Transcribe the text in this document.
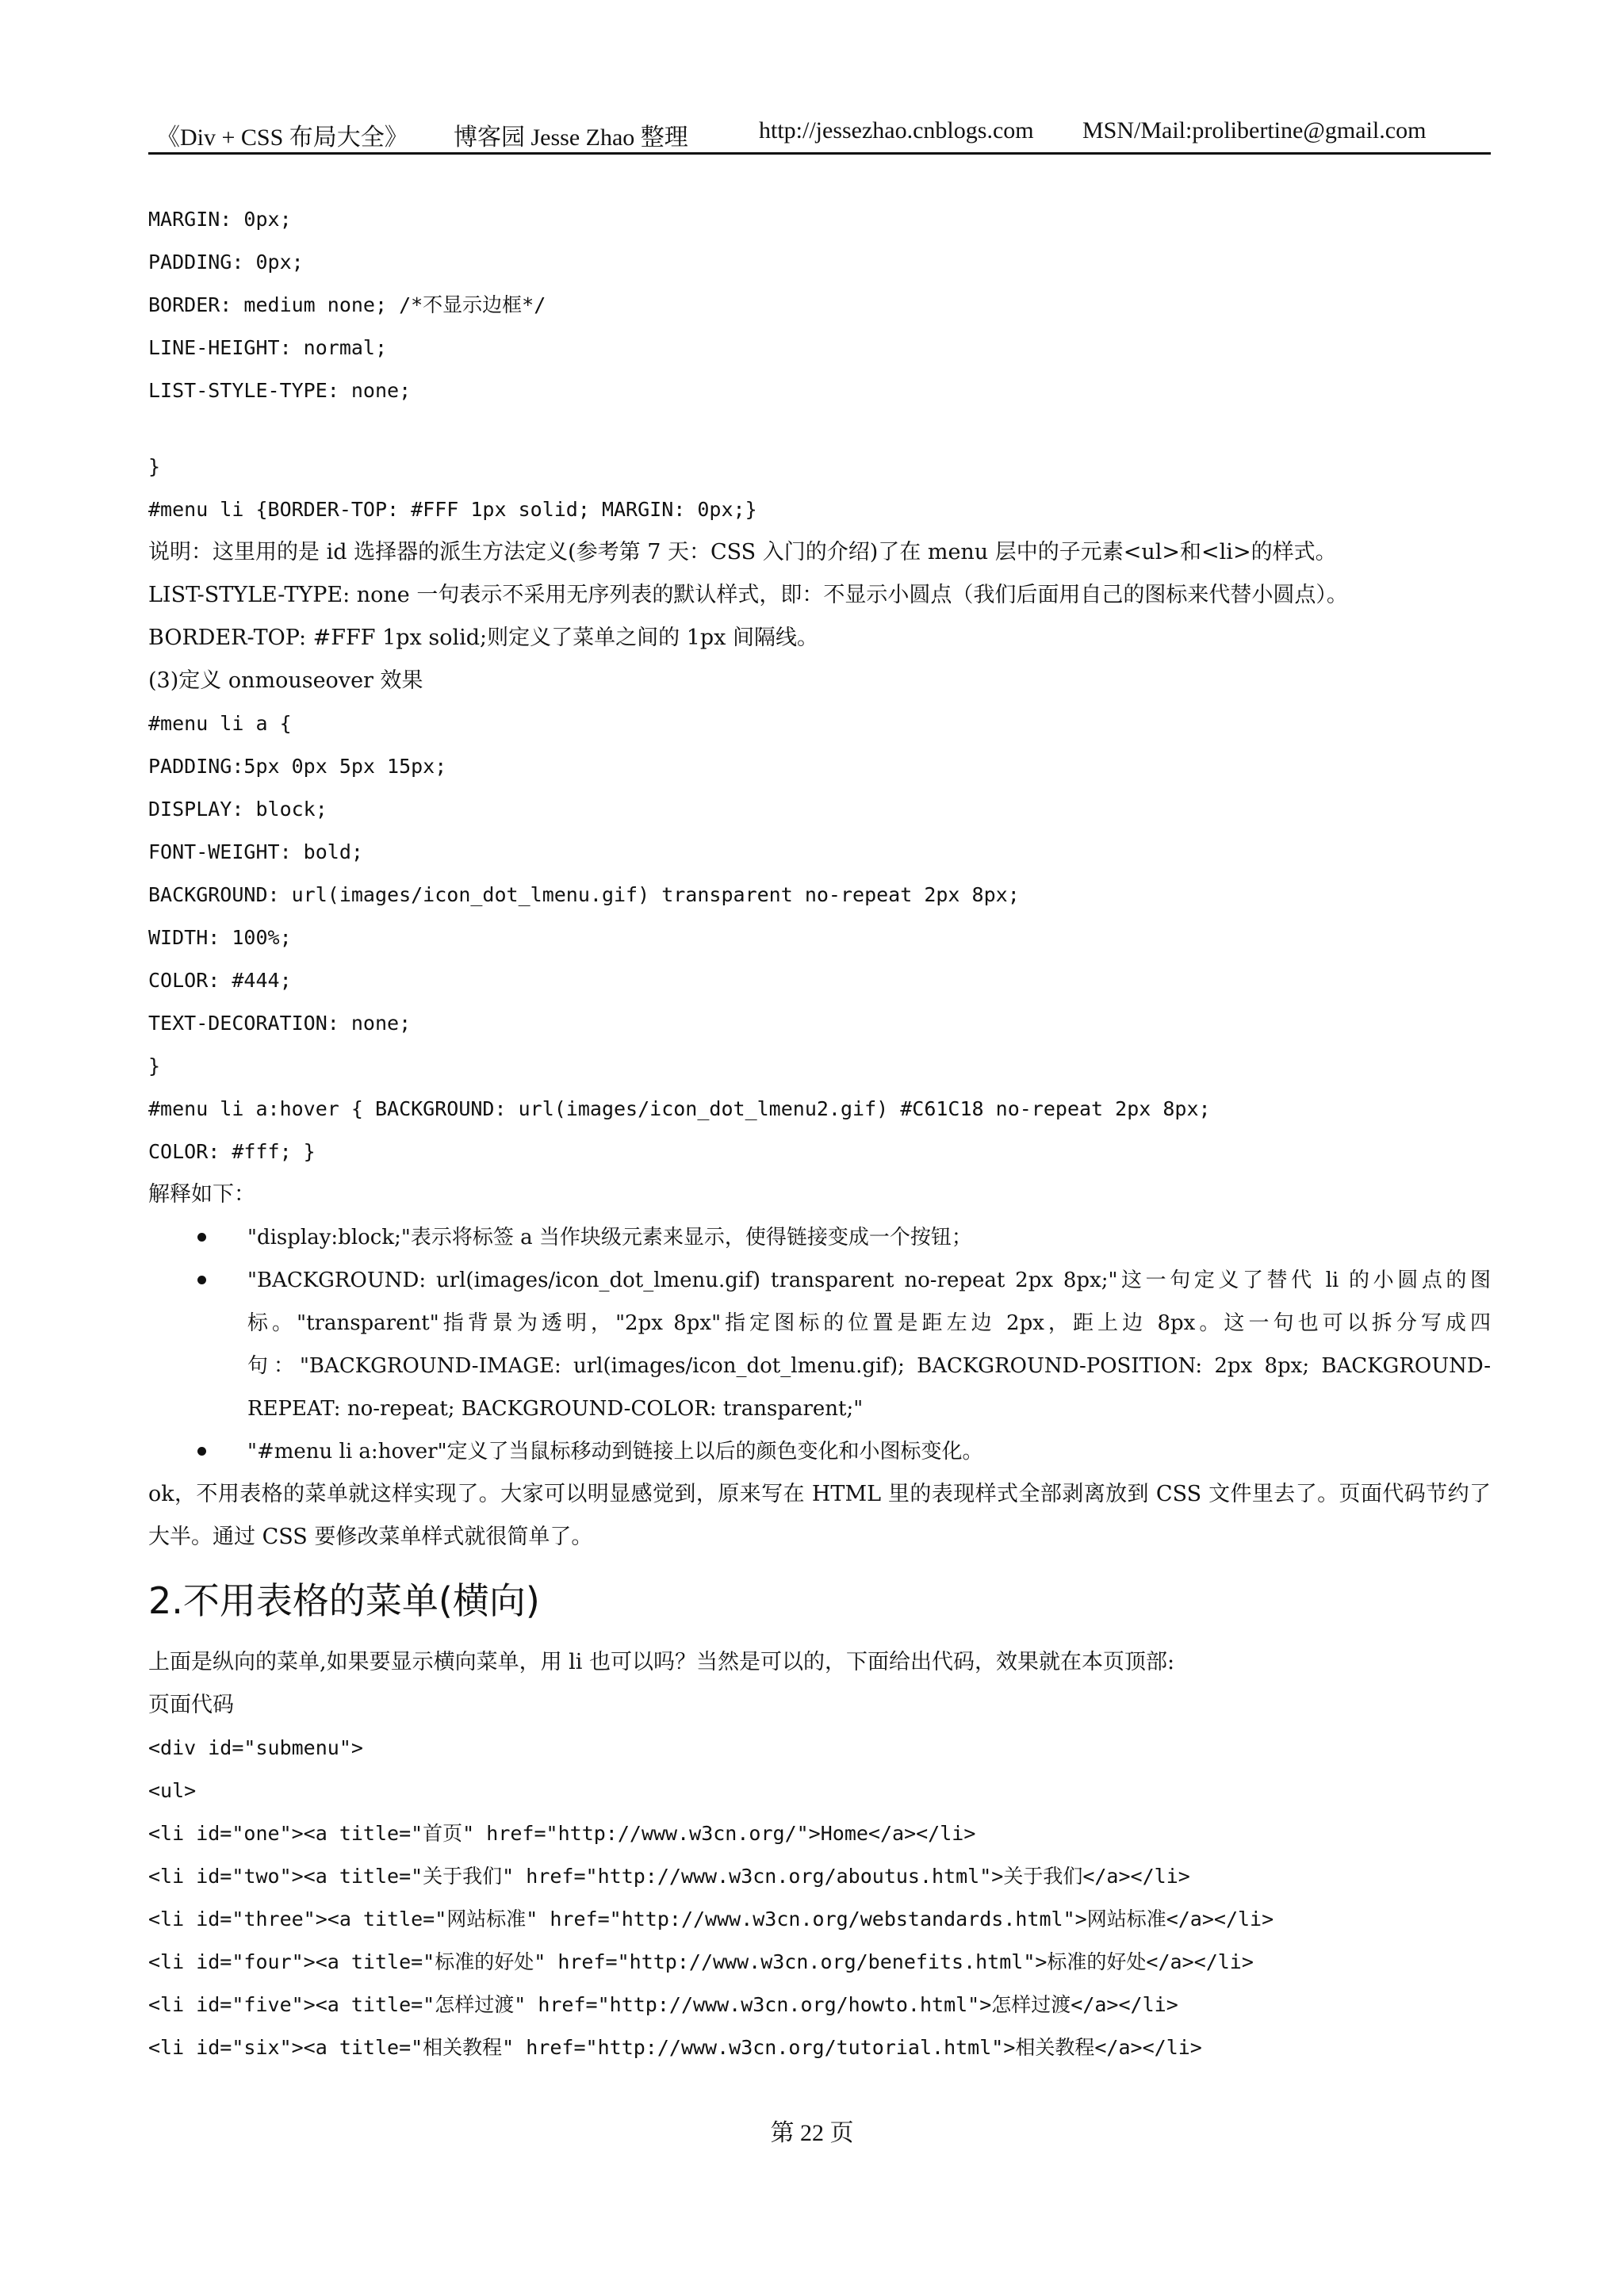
《Div + CSS 布局大全》 博客园 Jesse Zhao 整理	http://jessezhao.cnblogs.com MSN/Mail:prolibertine@gmail.com
MARGIN: 0px;
PADDING: 0px;
BORDER: medium none; /*不显示边框*/
LINE-HEIGHT: normal;
LIST-STYLE-TYPE: none;
}
#menu li {BORDER-TOP: #FFF 1px solid; MARGIN: 0px;}
说明：这里用的是 id 选择器的派生方法定义(参考第 7 天：CSS 入门的介绍)了在 menu 层中的子元素<ul>和<li>的样式。
LIST-STYLE-TYPE: none 一句表示不采用无序列表的默认样式，即：不显示小圆点（我们后面用自己的图标来代替小圆点）。
BORDER-TOP: #FFF 1px solid;则定义了菜单之间的 1px 间隔线。
(3)定义 onmouseover 效果
#menu li a {
PADDING:5px 0px 5px 15px;
DISPLAY: block;
FONT-WEIGHT: bold;
BACKGROUND: url(images/icon_dot_lmenu.gif) transparent no-repeat 2px 8px;
WIDTH: 100%;
COLOR: #444;
TEXT-DECORATION: none;
}
#menu li a:hover { BACKGROUND: url(images/icon_dot_lmenu2.gif) #C61C18 no-repeat 2px 8px;
COLOR: #fff; }
解释如下：
"display:block;"表示将标签 a 当作块级元素来显示，使得链接变成一个按钮；
"BACKGROUND: url(images/icon_dot_lmenu.gif) transparent no-repeat 2px 8px;"这一句定义了替代 li 的小圆点的图标。"transparent"指背景为透明，"2px 8px"指定图标的位置是距左边 2px，距上边 8px。这一句也可以拆分写成四句："BACKGROUND-IMAGE: url(images/icon_dot_lmenu.gif); BACKGROUND-POSITION: 2px 8px; BACKGROUND-REPEAT: no-repeat; BACKGROUND-COLOR: transparent;"
"#menu li a:hover"定义了当鼠标移动到链接上以后的颜色变化和小图标变化。
ok，不用表格的菜单就这样实现了。大家可以明显感觉到，原来写在 HTML 里的表现样式全部剥离放到 CSS 文件里去了。页面代码节约了大半。通过 CSS 要修改菜单样式就很简单了。
2.不用表格的菜单(横向)
上面是纵向的菜单,如果要显示横向菜单，用 li 也可以吗？当然是可以的，下面给出代码，效果就在本页顶部:
页面代码
<div id="submenu">
<ul>
<li id="one"><a title="首页" href="http://www.w3cn.org/">Home</a></li>
<li id="two"><a title="关于我们" href="http://www.w3cn.org/aboutus.html">关于我们</a></li>
<li id="three"><a title="网站标准" href="http://www.w3cn.org/webstandards.html">网站标准</a></li>
<li id="four"><a title="标准的好处" href="http://www.w3cn.org/benefits.html">标准的好处</a></li>
<li id="five"><a title="怎样过渡" href="http://www.w3cn.org/howto.html">怎样过渡</a></li>
<li id="six"><a title="相关教程" href="http://www.w3cn.org/tutorial.html">相关教程</a></li>
第 22 页
